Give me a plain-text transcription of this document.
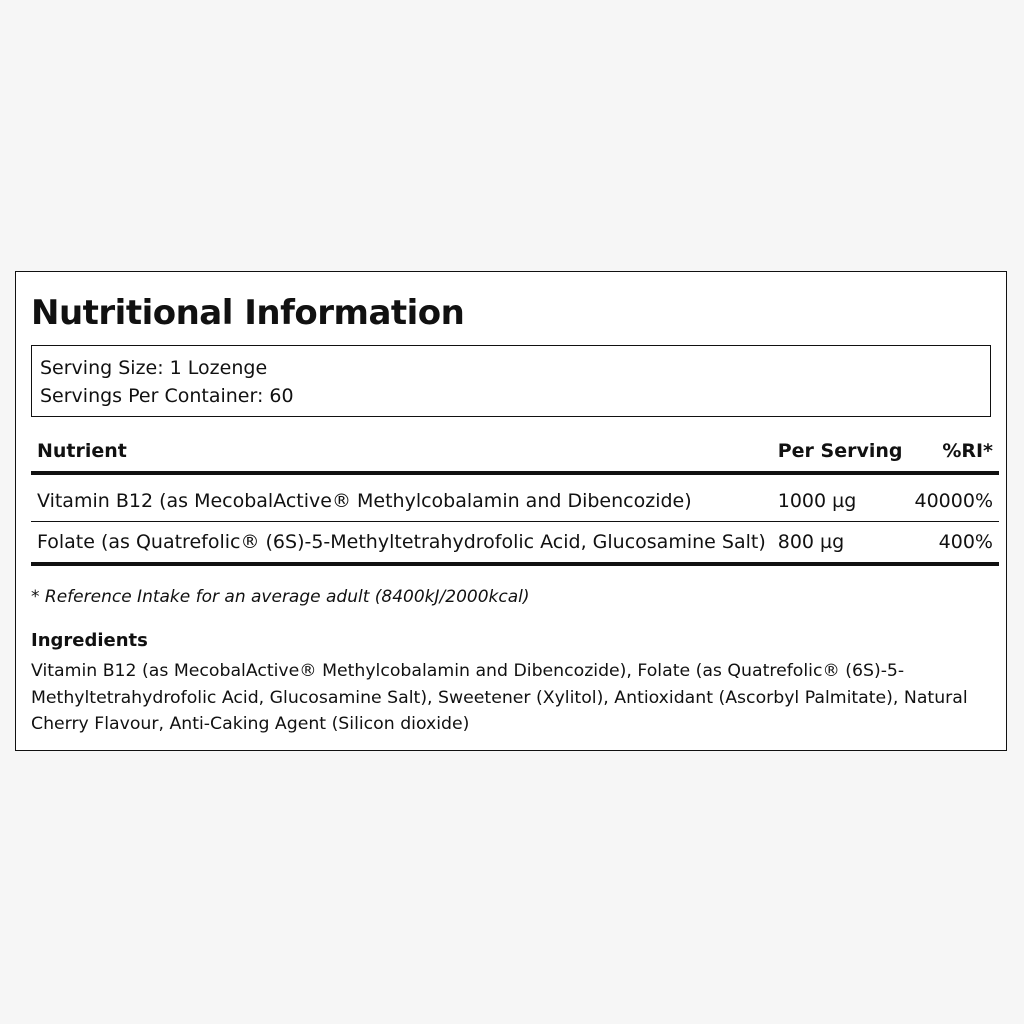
Nutritional Information
Serving Size: 1 Lozenge
Servings Per Container: 60
Nutrient	Per Serving	%RI*
Vitamin B12 (as MecobalActive® Methylcobalamin and Dibencozide)	1000 µg	40000%
Folate (as Quatrefolic® (6S)-5-Methyltetrahydrofolic Acid, Glucosamine Salt)	800 µg	400%
* Reference Intake for an average adult (8400kJ/2000kcal)
Ingredients
Vitamin B12 (as MecobalActive® Methylcobalamin and Dibencozide), Folate (as Quatrefolic® (6S)-5-Methyltetrahydrofolic Acid, Glucosamine Salt), Sweetener (Xylitol), Antioxidant (Ascorbyl Palmitate), Natural Cherry Flavour, Anti-Caking Agent (Silicon dioxide)
